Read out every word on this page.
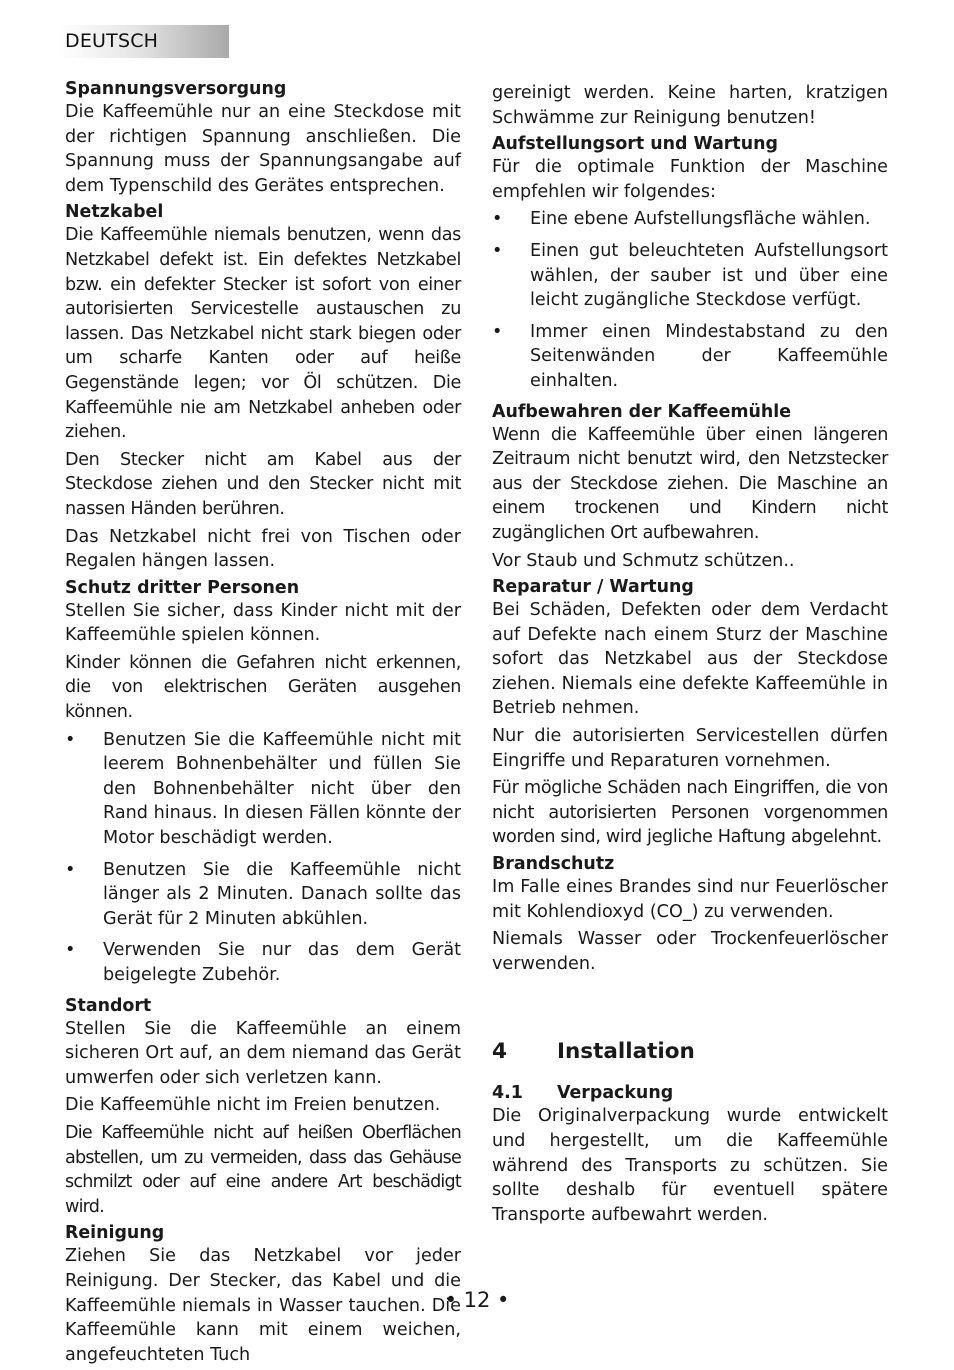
DEUTSCH
Spannungsversorgung

Die Kaffeemühle nur an eine Steckdose mit der richtigen Spannung anschließen. Die Spannung muss der Spannungsangabe auf dem Typenschild des Gerätes entsprechen.

Netzkabel

Die Kaffeemühle niemals benutzen, wenn das Netzkabel defekt ist. Ein defektes Netzkabel bzw. ein defekter Stecker ist sofort von einer autorisierten Servicestelle austauschen zu lassen. Das Netzkabel nicht stark biegen oder um scharfe Kanten oder auf heiße Gegenstände legen; vor Öl schützen. Die Kaffeemühle nie am Netzkabel anheben oder ziehen.

Den Stecker nicht am Kabel aus der Steckdose ziehen und den Stecker nicht mit nassen Händen berühren.

Das Netzkabel nicht frei von Tischen oder Regalen hängen lassen.

Schutz dritter Personen

Stellen Sie sicher, dass Kinder nicht mit der Kaffeemühle spielen können.

Kinder können die Gefahren nicht erkennen, die von elektrischen Geräten ausgehen können.

• Benutzen Sie die Kaffeemühle nicht mit leerem Bohnenbehälter und füllen Sie den Bohnenbehälter nicht über den Rand hinaus. In diesen Fällen könnte der Motor beschädigt werden.
• Benutzen Sie die Kaffeemühle nicht länger als 2 Minuten. Danach sollte das Gerät für 2 Minuten abkühlen.
• Verwenden Sie nur das dem Gerät beigelegte Zubehör.
Standort

Stellen Sie die Kaffeemühle an einem sicheren Ort auf, an dem niemand das Gerät umwerfen oder sich verletzen kann.

Die Kaffeemühle nicht im Freien benutzen.

Die Kaffeemühle nicht auf heißen Oberflächen abstellen, um zu vermeiden, dass das Gehäuse schmilzt oder auf eine andere Art beschädigt wird.

Reinigung

Ziehen Sie das Netzkabel vor jeder Reinigung. Der Stecker, das Kabel und die Kaffeemühle niemals in Wasser tauchen. Die Kaffeemühle kann mit einem weichen, angefeuchteten Tuch

gereinigt werden. Keine harten, kratzigen Schwämme zur Reinigung benutzen!

Aufstellungsort und Wartung

Für die optimale Funktion der Maschine empfehlen wir folgendes:

• Eine ebene Aufstellungsfläche wählen.
• Einen gut beleuchteten Aufstellungsort wählen, der sauber ist und über eine leicht zugängliche Steckdose verfügt.
• Immer einen Mindestabstand zu den Seitenwänden der Kaffeemühle einhalten.
Aufbewahren der Kaffeemühle

Wenn die Kaffeemühle über einen längeren Zeitraum nicht benutzt wird, den Netzstecker aus der Steckdose ziehen. Die Maschine an einem trockenen und Kindern nicht zugänglichen Ort aufbewahren.

Vor Staub und Schmutz schützen..

Reparatur / Wartung

Bei Schäden, Defekten oder dem Verdacht auf Defekte nach einem Sturz der Maschine sofort das Netzkabel aus der Steckdose ziehen. Niemals eine defekte Kaffeemühle in Betrieb nehmen.

Nur die autorisierten Servicestellen dürfen Eingriffe und Reparaturen vornehmen.

Für mögliche Schäden nach Eingriffen, die von nicht autorisierten Personen vorgenommen worden sind, wird jegliche Haftung abgelehnt.

Brandschutz

Im Falle eines Brandes sind nur Feuerlöscher mit Kohlendioxyd (CO_) zu verwenden.

Niemals Wasser oder Trockenfeuerlöscher verwenden.

4 Installation
4.1 Verpackung

Die Originalverpackung wurde entwickelt und hergestellt, um die Kaffeemühle während des Transports zu schützen. Sie sollte deshalb für eventuell spätere Transporte aufbewahrt werden.

• 12 •
